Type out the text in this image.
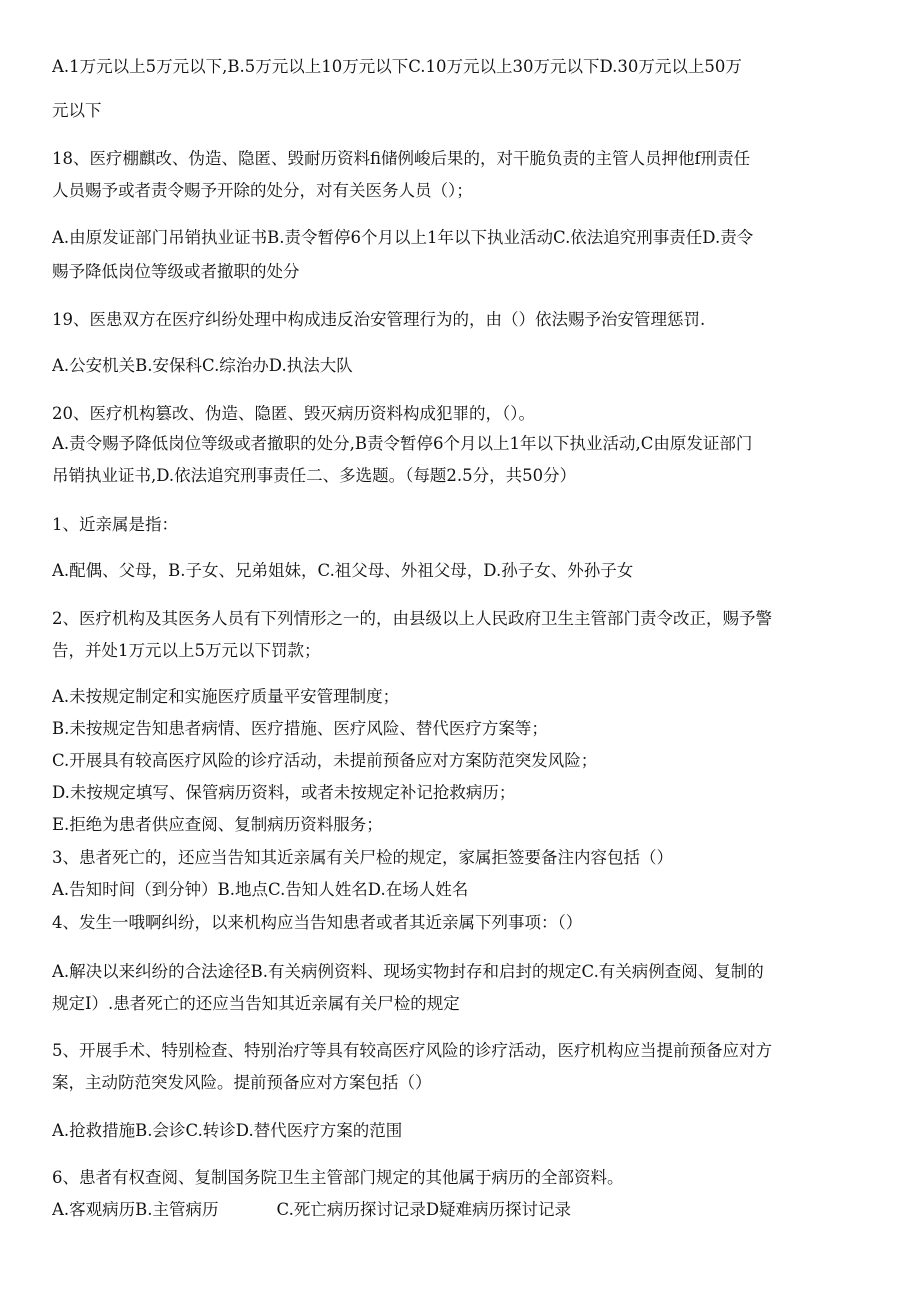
A.1万元以上5万元以下,B.5万元以上10万元以下C.10万元以上30万元以下D.30万元以上50万
元以下
18、医疗棚麒改、伪造、隐匿、毁耐历资料fi储例峻后果的，对干脆负责的主管人员押他f刑责任
人员赐予或者责令赐予开除的处分，对有关医务人员（）；
A.由原发证部门吊销执业证书B.责令暂停6个月以上1年以下执业活动C.依法追究刑事责任D.责令
赐予降低岗位等级或者撤职的处分
19、医患双方在医疗纠纷处理中构成违反治安管理行为的，由（）依法赐予治安管理惩罚.
A.公安机关B.安保科C.综治办D.执法大队
20、医疗机构篡改、伪造、隐匿、毁灭病历资料构成犯罪的，（）。
A.责令赐予降低岗位等级或者撤职的处分,B责令暂停6个月以上1年以下执业活动,C由原发证部门
吊销执业证书,D.依法追究刑事责任二、多选题。（每题2.5分，共50分）
1、近亲属是指：
A.配偶、父母，B.子女、兄弟姐妹，C.祖父母、外祖父母，D.孙子女、外孙子女
2、医疗机构及其医务人员有下列情形之一的，由县级以上人民政府卫生主管部门责令改正，赐予警
告，并处1万元以上5万元以下罚款；
A.未按规定制定和实施医疗质量平安管理制度；
B.未按规定告知患者病情、医疗措施、医疗风险、替代医疗方案等；
C.开展具有较高医疗风险的诊疗活动，未提前预备应对方案防范突发风险；
D.未按规定填写、保管病历资料，或者未按规定补记抢救病历；
E.拒绝为患者供应查阅、复制病历资料服务；
3、患者死亡的，还应当告知其近亲属有关尸检的规定，家属拒签要备注内容包括（）
A.告知时间（到分钟）B.地点C.告知人姓名D.在场人姓名
4、发生一哦啊纠纷，以来机构应当告知患者或者其近亲属下列事项：（）
A.解决以来纠纷的合法途径B.有关病例资料、现场实物封存和启封的规定C.有关病例查阅、复制的
规定I）.患者死亡的还应当告知其近亲属有关尸检的规定
5、开展手术、特别检查、特别治疗等具有较高医疗风险的诊疗活动，医疗机构应当提前预备应对方
案，主动防范突发风险。提前预备应对方案包括（）
A.抢救措施B.会诊C.转诊D.替代医疗方案的范围
6、患者有权查阅、复制国务院卫生主管部门规定的其他属于病历的全部资料。
A.客观病历B.主管病历	C.死亡病历探讨记录D疑难病历探讨记录
